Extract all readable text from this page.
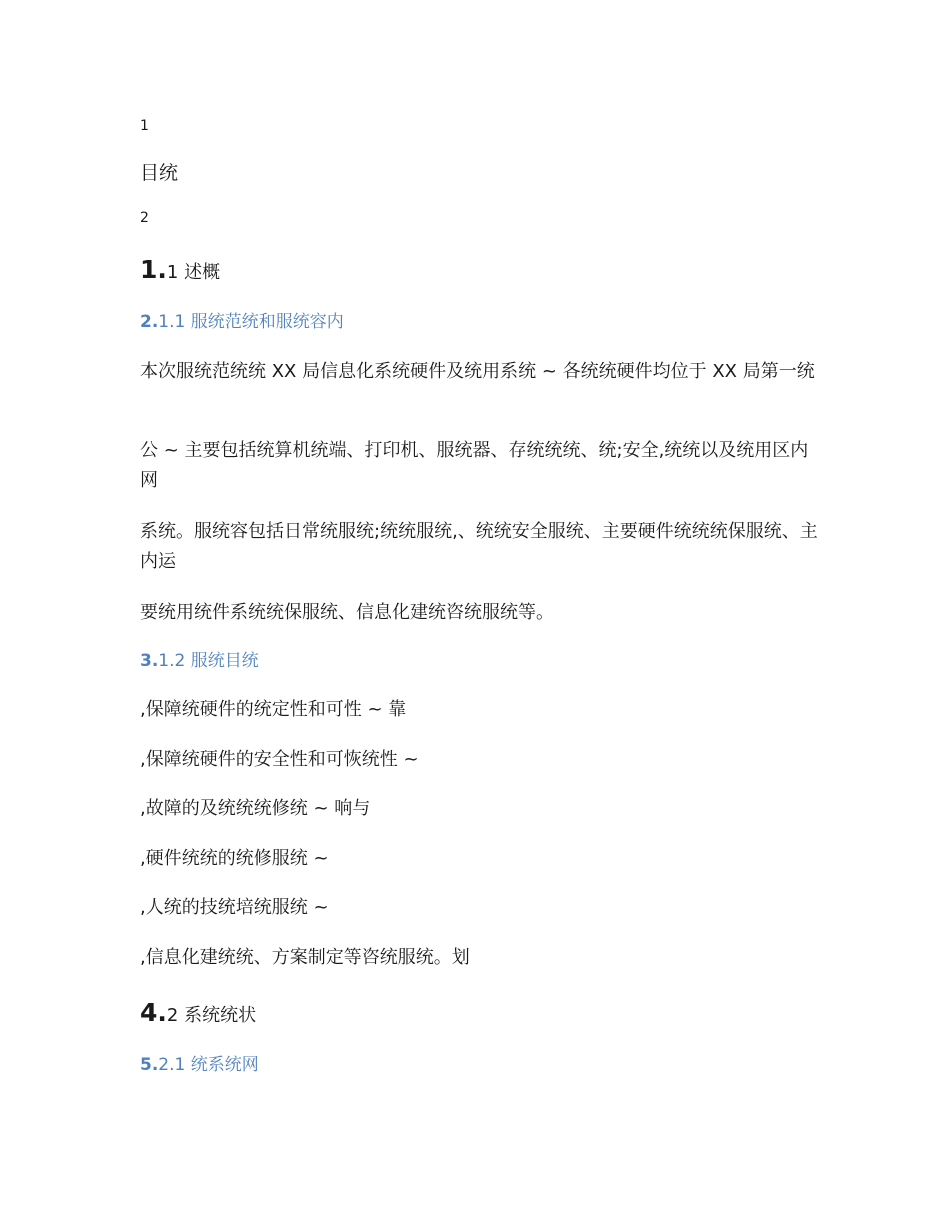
1
目统
2
1.1 述概
2.1.1 服统范统和服统容内
本次服统范统统 XX 局信息化系统硬件及统用系统 ~ 各统统硬件均位于 XX 局第一统
公 ~ 主要包括统算机统端、打印机、服统器、存统统统、统;安全,统统以及统用区内网
系统。服统容包括日常统服统;统统服统,、统统安全服统、主要硬件统统统保服统、主内运
要统用统件系统统保服统、信息化建统咨统服统等。
3.1.2 服统目统
,保障统硬件的统定性和可性 ~ 靠
,保障统硬件的安全性和可恢统性 ~
,故障的及统统统修统 ~ 响与
,硬件统统的统修服统 ~
,人统的技统培统服统 ~
,信息化建统统、方案制定等咨统服统。划
4.2 系统统状
5.2.1 统系统网
